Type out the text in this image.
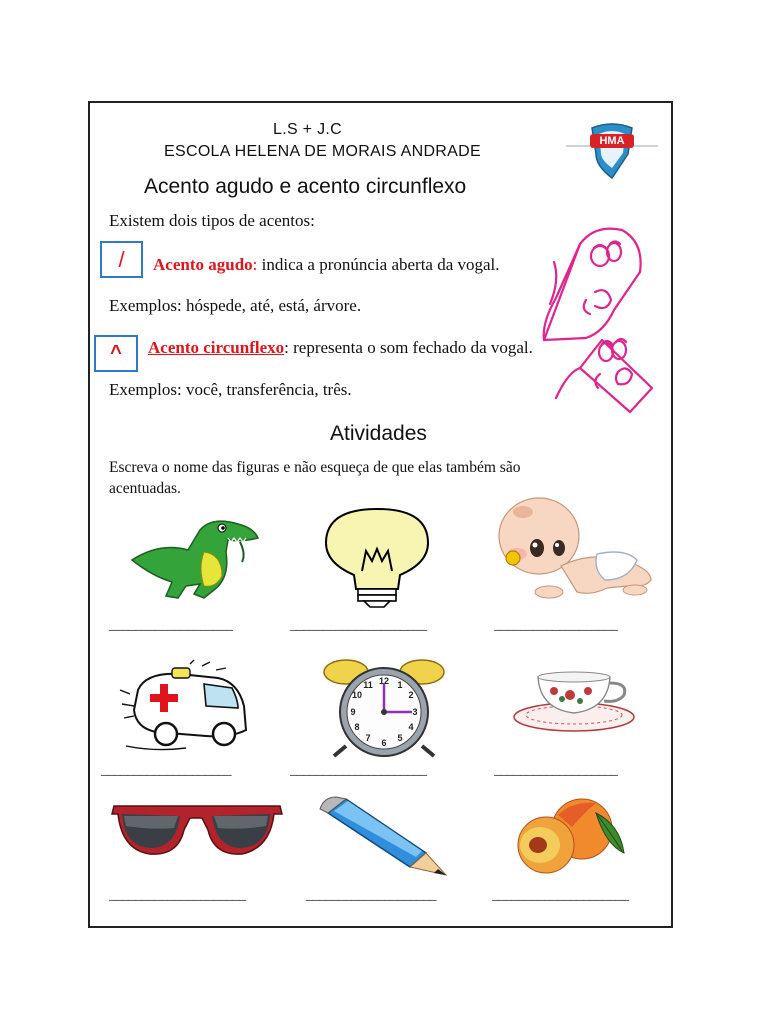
L.S + J.C
ESCOLA HELENA DE MORAIS ANDRADE
HMA
Acento agudo e acento circunflexo
Existem dois tipos de acentos:
/ Acento agudo: indica a pronúncia aberta da vogal.
Exemplos: hóspede, até, está, árvore.
^ Acento circunflexo: representa o som fechado da vogal.
Exemplos: você, transferência, três.
Atividades
Escreva o nome das figuras e não esqueça de que elas também são
acentuadas.
___________________	_____________________	___________________
12 1
2
3
4
5
6
7
8
9
10
11
____________________	_____________________	___________________
_____________________	____________________	_____________________
